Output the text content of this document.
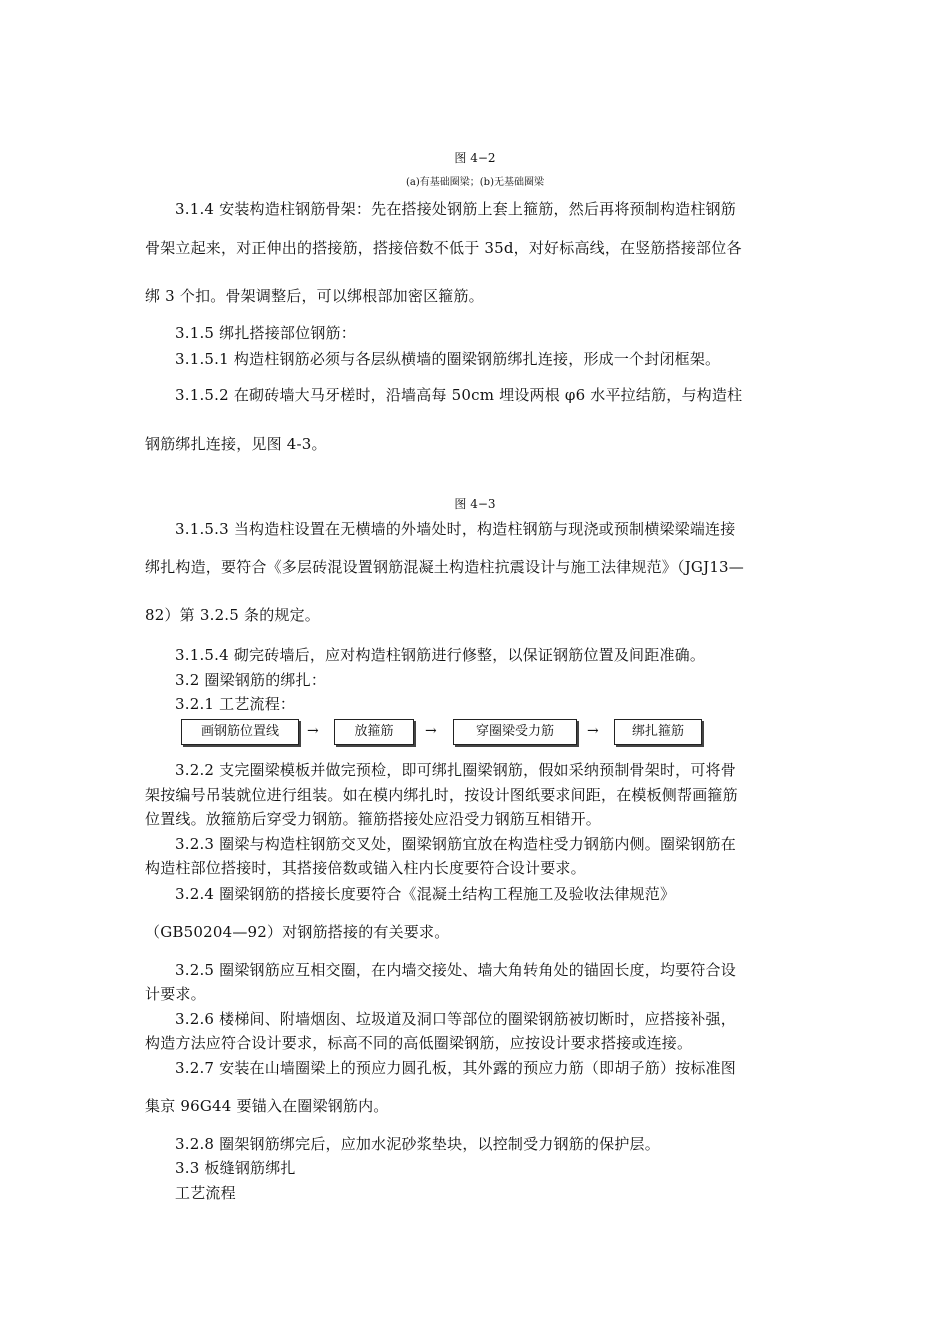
图 4−2
(a)有基础圈梁；(b)无基础圈梁
3.1.4 安装构造柱钢筋骨架：先在搭接处钢筋上套上箍筋，然后再将预制构造柱钢筋
骨架立起来，对正伸出的搭接筋，搭接倍数不低于 35d，对好标高线，在竖筋搭接部位各
绑 3 个扣。骨架调整后，可以绑根部加密区箍筋。
3.1.5 绑扎搭接部位钢筋：
3.1.5.1 构造柱钢筋必须与各层纵横墙的圈梁钢筋绑扎连接，形成一个封闭框架。
3.1.5.2 在砌砖墙大马牙槎时，沿墙高每 50cm 埋设两根 φ6 水平拉结筋，与构造柱
钢筋绑扎连接，见图 4-3。
图 4−3
3.1.5.3 当构造柱设置在无横墙的外墙处时，构造柱钢筋与现浇或预制横梁梁端连接
绑扎构造，要符合《多层砖混设置钢筋混凝土构造柱抗震设计与施工法律规范》（JGJ13—
82）第 3.2.5 条的规定。
3.1.5.4 砌完砖墙后，应对构造柱钢筋进行修整，以保证钢筋位置及间距准确。
3.2 圈梁钢筋的绑扎：
3.2.1 工艺流程：
画钢筋位置线	→	放箍筋	→	穿圈梁受力筋	→	绑扎箍筋
3.2.2 支完圈梁模板并做完预检，即可绑扎圈梁钢筋，假如采纳预制骨架时，可将骨
架按编号吊装就位进行组装。如在模内绑扎时，按设计图纸要求间距，在模板侧帮画箍筋
位置线。放箍筋后穿受力钢筋。箍筋搭接处应沿受力钢筋互相错开。
3.2.3 圈梁与构造柱钢筋交叉处，圈梁钢筋宜放在构造柱受力钢筋内侧。圈梁钢筋在
构造柱部位搭接时，其搭接倍数或锚入柱内长度要符合设计要求。
3.2.4 圈梁钢筋的搭接长度要符合《混凝土结构工程施工及验收法律规范》
（GB50204—92）对钢筋搭接的有关要求。
3.2.5 圈梁钢筋应互相交圈，在内墙交接处、墙大角转角处的锚固长度，均要符合设
计要求。
3.2.6 楼梯间、附墙烟囱、垃圾道及洞口等部位的圈梁钢筋被切断时，应搭接补强，
构造方法应符合设计要求，标高不同的高低圈梁钢筋，应按设计要求搭接或连接。
3.2.7 安装在山墙圈梁上的预应力圆孔板，其外露的预应力筋（即胡子筋）按标准图
集京 96G44 要锚入在圈梁钢筋内。
3.2.8 圈架钢筋绑完后，应加水泥砂浆垫块，以控制受力钢筋的保护层。
3.3 板缝钢筋绑扎
工艺流程
